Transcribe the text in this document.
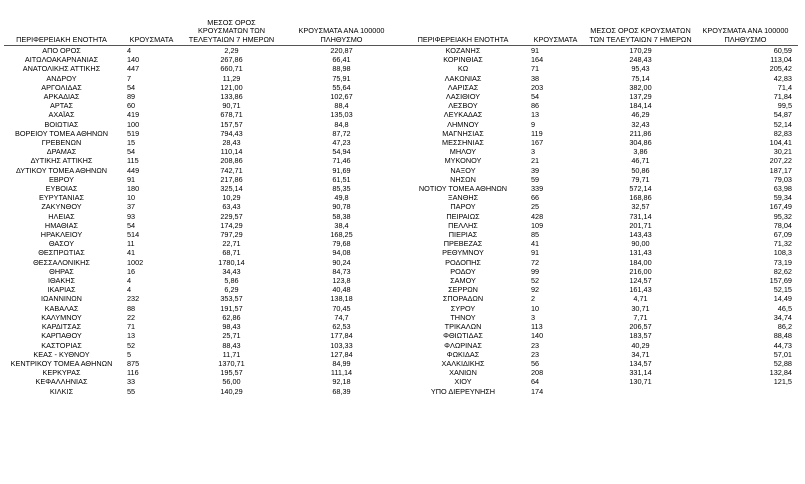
ΠΕΡΙΦΕΡΕΙΑΚΗ ΕΝΟΤΗΤΑ	ΚΡΟΥΣΜΑΤΑ	ΜΕΣΟΣ ΟΡΟΣ ΚΡΟΥΣΜΑΤΩΝ ΤΩΝ ΤΕΛΕΥΤΑΙΩΝ 7 ΗΜΕΡΩΝ	ΚΡΟΥΣΜΑΤΑ ΑΝΑ 100000 ΠΛΗΘΥΣΜΟ
ΑΠΟ ΟΡΟΣ	4	2,29	220,87
ΑΙΤΩΛΟΑΚΑΡΝΑΝΙΑΣ	140	267,86	66,41
ΑΝΑΤΟΛΙΚΗΣ ΑΤΤΙΚΗΣ	447	660,71	88,98
ΑΝΔΡΟΥ	7	11,29	75,91
ΑΡΓΟΛΙΔΑΣ	54	121,00	55,64
ΑΡΚΑΔΙΑΣ	89	133,86	102,67
ΑΡΤΑΣ	60	90,71	88,4
ΑΧΑΪΑΣ	419	678,71	135,03
ΒΟΙΩΤΙΑΣ	100	157,57	84,8
ΒΟΡΕΙΟΥ ΤΟΜΕΑ ΑΘΗΝΩΝ	519	794,43	87,72
ΓΡΕΒΕΝΩΝ	15	28,43	47,23
ΔΡΑΜΑΣ	54	110,14	54,94
ΔΥΤΙΚΗΣ ΑΤΤΙΚΗΣ	115	208,86	71,46
ΔΥΤΙΚΟΥ ΤΟΜΕΑ ΑΘΗΝΩΝ	449	742,71	91,69
ΕΒΡΟΥ	91	217,86	61,51
ΕΥΒΟΙΑΣ	180	325,14	85,35
ΕΥΡΥΤΑΝΙΑΣ	10	10,29	49,8
ΖΑΚΥΝΘΟΥ	37	63,43	90,78
ΗΛΕΙΑΣ	93	229,57	58,38
ΗΜΑΘΙΑΣ	54	174,29	38,4
ΗΡΑΚΛΕΙΟΥ	514	797,29	168,25
ΘΑΣΟΥ	11	22,71	79,68
ΘΕΣΠΡΩΤΙΑΣ	41	68,71	94,08
ΘΕΣΣΑΛΟΝΙΚΗΣ	1002	1780,14	90,24
ΘΗΡΑΣ	16	34,43	84,73
ΙΘΑΚΗΣ	4	5,86	123,8
ΙΚΑΡΙΑΣ	4	6,29	40,48
ΙΩΑΝΝΙΝΩΝ	232	353,57	138,18
ΚΑΒΑΛΑΣ	88	191,57	70,45
ΚΑΛΥΜΝΟΥ	22	62,86	74,7
ΚΑΡΔΙΤΣΑΣ	71	98,43	62,53
ΚΑΡΠΑΘΟΥ	13	25,71	177,84
ΚΑΣΤΟΡΙΑΣ	52	88,43	103,33
ΚΕΑΣ - ΚΥΘΝΟΥ	5	11,71	127,84
ΚΕΝΤΡΙΚΟΥ ΤΟΜΕΑ ΑΘΗΝΩΝ	875	1370,71	84,99
ΚΕΡΚΥΡΑΣ	116	195,57	111,14
ΚΕΦΑΛΛΗΝΙΑΣ	33	56,00	92,18
ΚΙΛΚΙΣ	55	140,29	68,39
ΠΕΡΙΦΕΡΕΙΑΚΗ ΕΝΟΤΗΤΑ	ΚΡΟΥΣΜΑΤΑ	ΜΕΣΟΣ ΟΡΟΣ ΚΡΟΥΣΜΑΤΩΝ ΤΩΝ ΤΕΛΕΥΤΑΙΩΝ 7 ΗΜΕΡΩΝ	ΚΡΟΥΣΜΑΤΑ ΑΝΑ 100000 ΠΛΗΘΥΣΜΟ
ΚΟΖΑΝΗΣ	91	170,29	60,59
ΚΟΡΙΝΘΙΑΣ	164	248,43	113,04
ΚΩ	71	95,43	205,42
ΛΑΚΩΝΙΑΣ	38	75,14	42,83
ΛΑΡΙΣΑΣ	203	382,00	71,4
ΛΑΣΙΘΙΟΥ	54	137,29	71,84
ΛΕΣΒΟΥ	86	184,14	99,5
ΛΕΥΚΑΔΑΣ	13	46,29	54,87
ΛΗΜΝΟΥ	9	32,43	52,14
ΜΑΓΝΗΣΙΑΣ	119	211,86	82,83
ΜΕΣΣΗΝΙΑΣ	167	304,86	104,41
ΜΗΛΟΥ	3	3,86	30,21
ΜΥΚΟΝΟΥ	21	46,71	207,22
ΝΑΞΟΥ	39	50,86	187,17
ΝΗΣΩΝ	59	79,71	79,03
ΝΟΤΙΟΥ ΤΟΜΕΑ ΑΘΗΝΩΝ	339	572,14	63,98
ΞΑΝΘΗΣ	66	168,86	59,34
ΠΑΡΟΥ	25	32,57	167,49
ΠΕΙΡΑΙΩΣ	428	731,14	95,32
ΠΕΛΛΗΣ	109	201,71	78,04
ΠΙΕΡΙΑΣ	85	143,43	67,09
ΠΡΕΒΕΖΑΣ	41	90,00	71,32
ΡΕΘΥΜΝΟΥ	91	131,43	108,3
ΡΟΔΟΠΗΣ	72	184,00	73,19
ΡΟΔΟΥ	99	216,00	82,62
ΣΑΜΟΥ	52	124,57	157,69
ΣΕΡΡΩΝ	92	161,43	52,15
ΣΠΟΡΑΔΩΝ	2	4,71	14,49
ΣΥΡΟΥ	10	30,71	46,5
ΤΗΝΟΥ	3	7,71	34,74
ΤΡΙΚΑΛΩΝ	113	206,57	86,2
ΦΘΙΩΤΙΔΑΣ	140	183,57	88,48
ΦΛΩΡΙΝΑΣ	23	40,29	44,73
ΦΩΚΙΔΑΣ	23	34,71	57,01
ΧΑΛΚΙΔΙΚΗΣ	56	134,57	52,88
ΧΑΝΙΩΝ	208	331,14	132,84
ΧΙΟΥ	64	130,71	121,5
ΥΠΟ ΔΙΕΡΕΥΝΗΣΗ	174		
